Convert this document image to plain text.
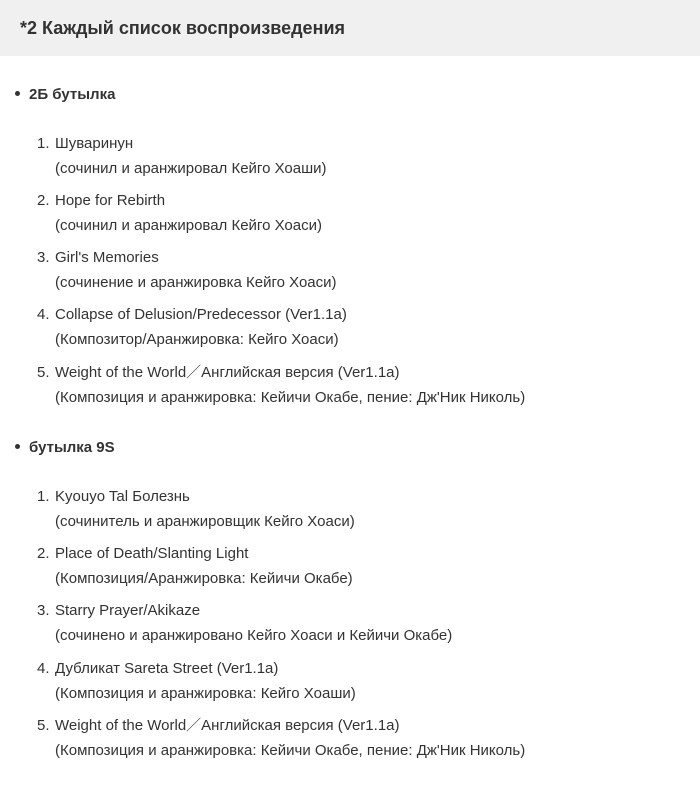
*2 Каждый список воспроизведения
2Б бутылка
1. Шуваринун
(сочинил и аранжировал Кейго Хоаши)
2. Hope for Rebirth
(сочинил и аранжировал Кейго Хоаси)
3. Girl's Memories
(сочинение и аранжировка Кейго Хоаси)
4. Collapse of Delusion/Predecessor (Ver1.1a)
(Композитор/Аранжировка: Кейго Хоаси)
5. Weight of the World／Английская версия (Ver1.1a)
(Композиция и аранжировка: Кейичи Окабе, пение: Дж'Ник Николь)
бутылка 9S
1. Kyouyo Tal Болезнь
(сочинитель и аранжировщик Кейго Хоаси)
2. Place of Death/Slanting Light
(Композиция/Аранжировка: Кейичи Окабе)
3. Starry Prayer/Akikaze
(сочинено и аранжировано Кейго Хоаси и Кейичи Окабе)
4. Дубликат Sareta Street (Ver1.1a)
(Композиция и аранжировка: Кейго Хоаши)
5. Weight of the World／Английская версия (Ver1.1a)
(Композиция и аранжировка: Кейичи Окабе, пение: Дж'Ник Николь)
